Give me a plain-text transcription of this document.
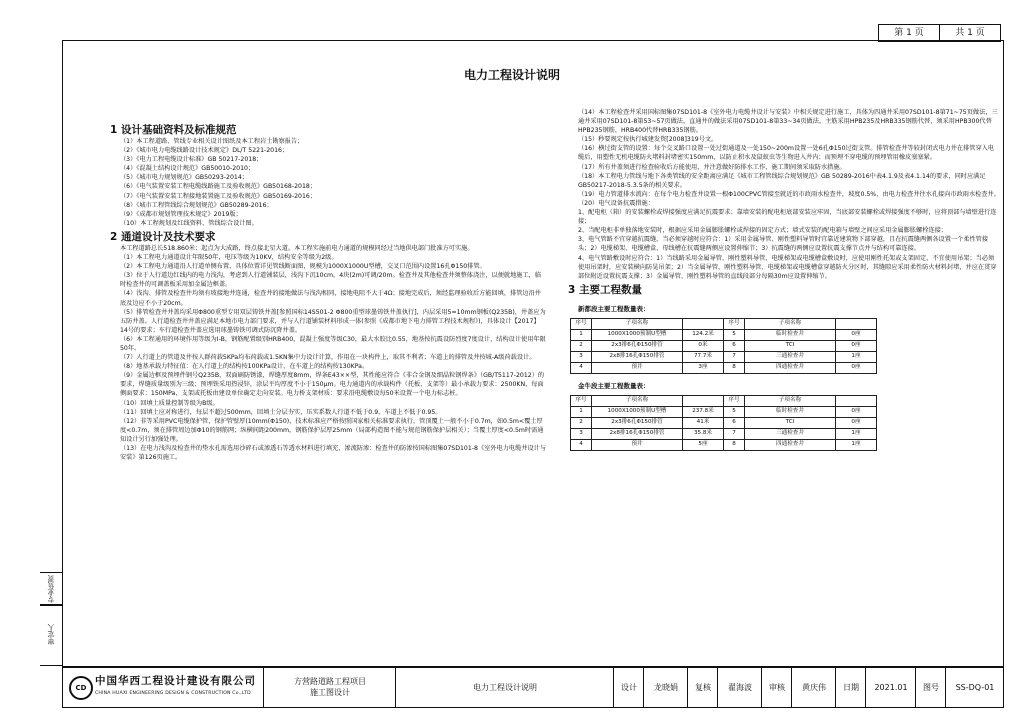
第 1 页	共 1 页
电力工程设计说明
审定人
专业负责

1 设计基础资料及标准规范

（1）本工程道路、管线专业相关设计图纸及本工程岩土勘察报告；

（2）《城市电力电缆线路设计技术规定》DL/T 5221-2016；

（3）《电力工程电缆设计标准》GB 50217-2018；

（4）《混凝土结构设计规范》GB50010-2010；

（5）《城市电力规划规范》GB50293-2014；

（6）《电气装置安装工程电缆线路施工及验收规范》GB50168-2018；

（7）《电气装置安装工程接地装置施工及验收规范》GB50169-2016；

（8）《城市工程管线综合规划规范》GB50289-2016；

（9）《成都市规划管理技术规定》2019版；

（10）本工程规划及红线资料、管线综合设计图。

2 通道设计及技术要求

本工程道路总长518.860米；起点为大成路，终点接北星大道。本工程实施前电力通道的规模同经过当地供电部门批准方可实施。

（1）本工程电力通道设计年限50年，电压等级为10KV，结构安全等级为2级。

（2）本工程电力通道沿人行道单侧布置，具体位置详见管线断面图，规模为1000X1000U型槽，交叉口范围内设置16孔Φ150排管。

（3）位于人行道边红线内的电力浅沟，考虑到人行道铺装层，浅沟下沉10cm，4块(2m)可调/20m。检查井及其他检查井须整体浇注，以便就地施工，临时检查井的可调盖板采用加金属边框盖。

（4）浅沟、排管及检查井均须有坡接地井连通，检查井的接地做法与浅沟相同，接地电阻不大于4Ω；接地完成后，须经监理验收后方能回填，排管边沿井底及边应不小于20cm。

（5）排管检查井井盖均采用Φ800重型专用双层铸铁井盖[参照国标14S501-2 Φ800重型球墨铸铁井盖执行]，内层采用5=10mm钢板(Q235B)，井盖应为五防井盖。人行道检查井井盖应满足本地市电力部门要求，并与人行道铺装材料形成一体(参照《成都市地下电力排管工程技术规程》)，具体设计【2017】14号的要求；车行道检查井盖应选用球墨铸铁可调式防沉降井盖。

（6）本工程通用的环境作用等级为Ⅰ-B，钢筋配置级别HRB400，混凝土强度等级C30，最大水胶比0.55，地基按抗震设防烈度7度设计，结构设计使用年限50年。

（7）人行道上的管道及井按人群荷载5KPa均布荷载或1.5KN集中力设计计算，作用在一块构件上，取其不利者；车道上的排管及井按城-A级荷载设计。

（8）地基承载力特征值：在人行道上的结构按100KPa设计，在车道上的结构按130KPa。

（9）金属边框及预埋件钢号Q235B，双面刷防锈漆，焊缝厚度8mm，焊条E43××型，其性能应符合《非合金钢及细晶粒钢焊条》（GB/T5117-2012）的要求，焊缝质量级别为三级；预埋铁采用热浸锌，涂层平均厚度不小于150μm。电力通道内的承载构件（托板、支架等）最小承载力要求：2500KN，每面侧面要求：150MPa，支架或托板由建设单位确定走向安装。电力桥支架材质：要求沿电缆敷设每50米设置一个电力标志桩。

（10）回填土质量控制等级为B级。

（11）回填土应对称进行，每层不超过500mm，回填土分层夯实，压实系数人行道不低于0.9，车道上不低于0.95。

（12）非等采用PVC电缆保护管，保护管壁厚(10mm(Φ150)，技术标准应严格按照国家相关标准要求执行，管顶覆土一般不小于0.7m，如0.5m<覆土厚度<0.7m，须在排管周边加Φ10的钢筋网；纵横间距200mm，钢筋保护层厚25mm（局部构造图不能与规范钢筋保护层相关）；当覆土厚度<0.5m时需通知设计另行加强处理。

（13）在电力浅沟及检查井的垫水孔需选用沙碎石或渗透石等透水材料进行填充，渗流防渗：检查井的防渗按国标图集07SD101-8《室外电力电缆井设计与安装》第126页施工。

（14）本工程检查井采用国标图集07SD101-8《室外电力电缆井设计与安装》中相关规定进行施工，具体为四通井采用07SD101-8第71~75页做法，三通井采用07SD101-8第53~57页做法，直通井的做法采用07SD101-8第33~34页做法。主筋采用HPB235及HRB335钢筋代替，须采用HPB300代替HPB235钢筋，HRB400代替HRB335钢筋。

（15）秒要规定按执行城建发资[2008]319号文。

（16）横过街支管的设置：每个交叉路口设置一处过街通道及一处150~200m设置一处6孔Φ150过街支管。排管检查井等较封闭式电力井在排管穿入电缆后，用塑性无机电缆防火堵料封堵密实150mm，以防止积水及鼠蚁虫等生物进入井内；而预埋不穿电缆的预埋管用橡皮塞塞紧。

（17）所有井盖须进行检查验收后方能使用，并注意做好防排水工作，施工期间须采取防水措施。

（18）本工程电力管线与地下各类管线的安全距离应满足《城市工程管线综合规划规范》GB 50289-2016中表4.1.9及表4.1.14的要求，同时应满足GB50217-2018-5.3.5条的相关要求。

（19）电力管道排水流向：在每个电力检查井设置一根Φ100CPVC管接至就近的市政雨水检查井，坡度0.5%，由电力检查井往水孔接向市政雨水检查井。

（20）电气设备抗震措施：

1、配电柜（箱）的安装螺栓或焊接强度应满足抗震要求；靠墙安装的配电柜底部安装应牢固，当底部安装螺栓或焊接强度不够时，应将顶部与墙壁进行连接；

2、当配电柜非单独落地安装时，根据应采用金属膨胀螺栓或焊接的固定方式；墙式安装的配电箱与墙壁之间应采用金属膨胀螺栓连接；

3、电气管路不宜穿越抗震缝，当必须穿越时应符合：1）采用金属导管、刚性塑料导管时宜靠近建筑物下部穿越，且在抗震缝两侧各设置一个柔性管接头；2）电缆梯架、电缆槽盒、母线槽在抗震缝两侧应设置伸缩节；3）抗震缝的两侧应设置抗震支撑节点并与结构可靠连接。

4、电气管路敷设时应符合：1）当线路采用金属导管、刚性塑料导管、电缆梯架或电缆槽盒敷设时，应使用刚性托架或支架固定，不宜使用吊架；当必须使用吊架时，应安装横向防晃吊架；2）当金属导管、刚性塑料导管、电缆梯架或电缆槽盒穿越防火分区时，其缝隙应采用柔性防火材料封堵，并应在贯穿部位附近设置抗震支撑；3）金属导管、刚性塑料导管的直线段部分每隔30m应设置伸缩节。

3 主要工程数量

新都段主要工程数量表：

序号	子项名称		序号	子项名称	
1	1000X1000预制U型槽	124.2米	5	临时检查井	0座
2	2x3排6孔Φ150排管	0米	6	TCI	0座
3	2x8排16孔Φ150排管	77.7米	7	三通检查井	1座
4	预井	3座	8	四通检查井	0座

金牛段主要工程数量表：

序号	子项名称		序号	子项名称	
1	1000X1000预制U型槽	237.8米	5	临时检查井	0座
2	2x3排6孔Φ150排管	41米	6	TCI	0座
3	2x8排16孔Φ150排管	35.8米	7	三通检查井	1座
4	预井	5座	8	四通检查井	1座
CD
中国华西工程设计建设有限公司
CHINA HUAXI ENGINEERING DESIGN & CONSTRUCTION Co.,LTD
方营路道路工程项目
施工图设计
电力工程设计说明	设计	龙晓娟	复核	翟海波	审核	黄庆伟	日期	2021.01	图号	SS-DQ-01
